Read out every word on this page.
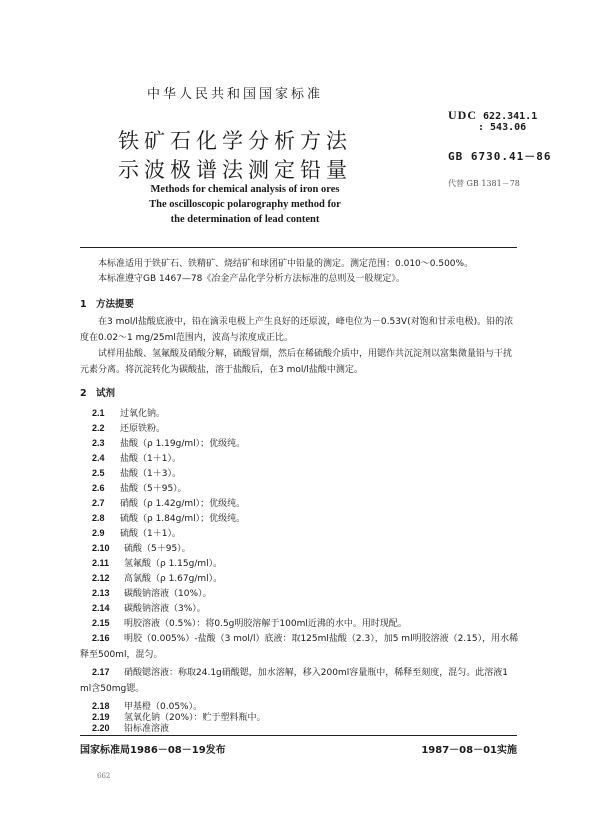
中华人民共和国国家标准
铁矿石化学分析方法
示波极谱法测定铅量
Methods for chemical analysis of iron ores
The oscilloscopic polarography method for
the determination of lead content
UDC 622.341.1
: 543.06
GB 6730.41－86
代替 GB 1381－78
本标准适用于铁矿石、铁精矿、烧结矿和球团矿中铅量的测定。测定范围：0.010～0.500%。
本标准遵守GB 1467—78《冶金产品化学分析方法标准的总则及一般规定》。
1 方法提要
在3 mol/l盐酸底液中，铅在滴汞电极上产生良好的还原波，峰电位为－0.53V(对饱和甘汞电极)。铅的浓度在0.02～1 mg/25ml范围内，波高与浓度成正比。
试样用盐酸、氢氟酸及硝酸分解，硫酸冒烟，然后在稀硫酸介质中，用锶作共沉淀剂以富集微量铅与干扰元素分离。将沉淀转化为碳酸盐，溶于盐酸后，在3 mol/l盐酸中测定。
2 试剂
2.1 过氧化钠。
2.2 还原铁粉。
2.3 盐酸（ρ 1.19g/ml）；优级纯。
2.4 盐酸（1＋1）。
2.5 盐酸（1＋3）。
2.6 盐酸（5＋95）。
2.7 硝酸（ρ 1.42g/ml）；优级纯。
2.8 硫酸（ρ 1.84g/ml）；优级纯。
2.9 硫酸（1＋1）。
2.10 硫酸（5＋95）。
2.11 氢氟酸（ρ 1.15g/ml）。
2.12 高氯酸（ρ 1.67g/ml）。
2.13 碳酸钠溶液（10%）。
2.14 碳酸钠溶液（3%）。
2.15 明胶溶液（0.5%）：将0.5g明胶溶解于100ml近沸的水中。用时现配。
2.16 明胶（0.005%）-盐酸（3 mol/l）底液：取125ml盐酸（2.3），加5 ml明胶溶液（2.15），用水稀释至500ml，混匀。
2.17 硝酸锶溶液：称取24.1g硝酸锶，加水溶解，移入200ml容量瓶中，稀释至刻度，混匀。此溶液1 ml含50mg锶。
2.18 甲基橙（0.05%）。
2.19 氢氧化钠（20%）：贮于塑料瓶中。
2.20 铅标准溶液
国家标准局1986－08－19发布	1987－08－01实施
662
